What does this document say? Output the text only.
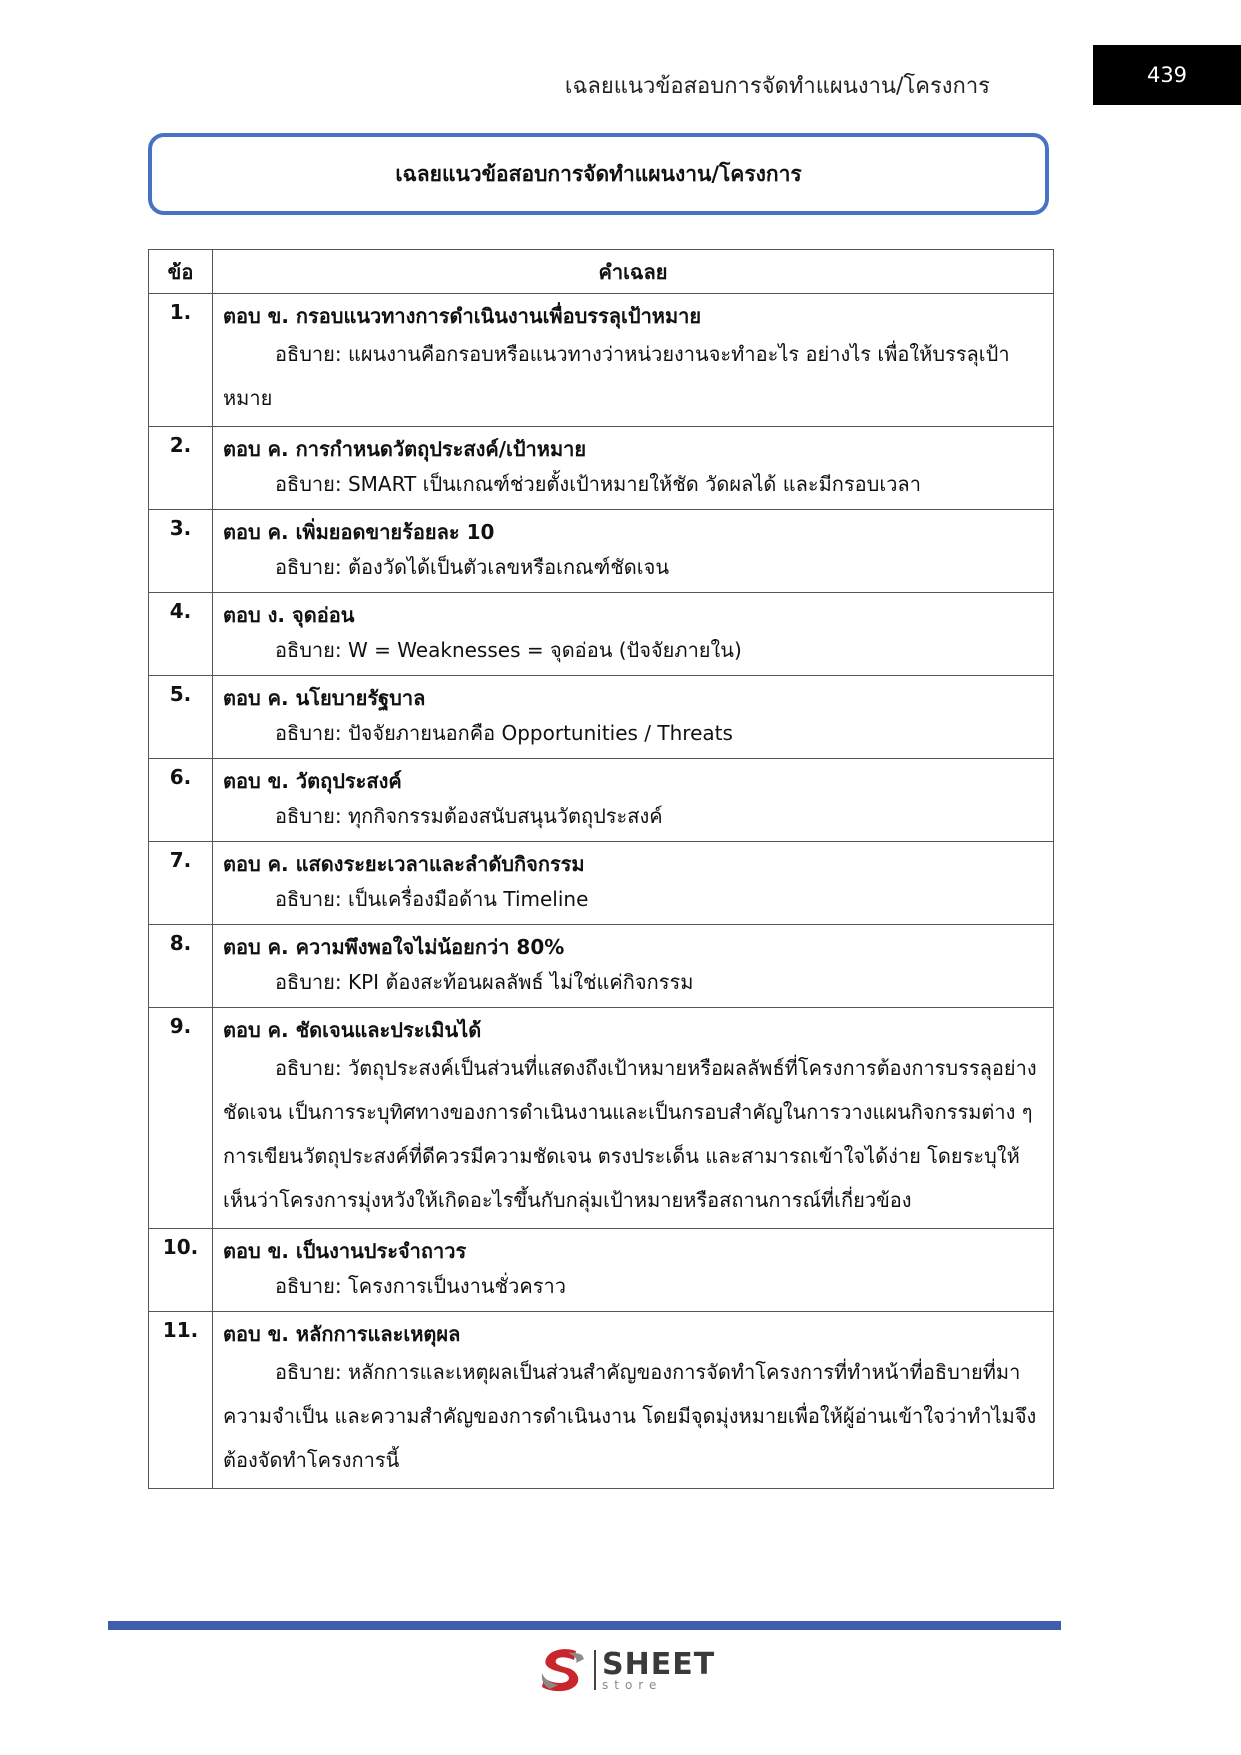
เฉลยแนวข้อสอบการจัดทำแผนงาน/โครงการ	439
เฉลยแนวข้อสอบการจัดทำแผนงาน/โครงการ
ข้อ	คำเฉลย
1.	ตอบ ข. กรอบแนวทางการดำเนินงานเพื่อบรรลุเป้าหมาย
อธิบาย: แผนงานคือกรอบหรือแนวทางว่าหน่วยงานจะทำอะไร อย่างไร เพื่อให้บรรลุเป้าหมาย

2.	ตอบ ค. การกำหนดวัตถุประสงค์/เป้าหมาย
อธิบาย: SMART เป็นเกณฑ์ช่วยตั้งเป้าหมายให้ชัด วัดผลได้ และมีกรอบเวลา

3.	ตอบ ค. เพิ่มยอดขายร้อยละ 10
อธิบาย: ต้องวัดได้เป็นตัวเลขหรือเกณฑ์ชัดเจน

4.	ตอบ ง. จุดอ่อน
อธิบาย: W = Weaknesses = จุดอ่อน (ปัจจัยภายใน)

5.	ตอบ ค. นโยบายรัฐบาล
อธิบาย: ปัจจัยภายนอกคือ Opportunities / Threats

6.	ตอบ ข. วัตถุประสงค์
อธิบาย: ทุกกิจกรรมต้องสนับสนุนวัตถุประสงค์

7.	ตอบ ค. แสดงระยะเวลาและลำดับกิจกรรม
อธิบาย: เป็นเครื่องมือด้าน Timeline

8.	ตอบ ค. ความพึงพอใจไม่น้อยกว่า 80%
อธิบาย: KPI ต้องสะท้อนผลลัพธ์ ไม่ใช่แค่กิจกรรม

9.	ตอบ ค. ชัดเจนและประเมินได้
อธิบาย: วัตถุประสงค์เป็นส่วนที่แสดงถึงเป้าหมายหรือผลลัพธ์ที่โครงการต้องการบรรลุอย่างชัดเจน เป็นการระบุทิศทางของการดำเนินงานและเป็นกรอบสำคัญในการวางแผนกิจกรรมต่าง ๆ การเขียนวัตถุประสงค์ที่ดีควรมีความชัดเจน ตรงประเด็น และสามารถเข้าใจได้ง่าย โดยระบุให้เห็นว่าโครงการมุ่งหวังให้เกิดอะไรขึ้นกับกลุ่มเป้าหมายหรือสถานการณ์ที่เกี่ยวข้อง

10.	ตอบ ข. เป็นงานประจำถาวร
อธิบาย: โครงการเป็นงานชั่วคราว

11.	ตอบ ข. หลักการและเหตุผล
อธิบาย: หลักการและเหตุผลเป็นส่วนสำคัญของการจัดทำโครงการที่ทำหน้าที่อธิบายที่มาความจำเป็น และความสำคัญของการดำเนินงาน โดยมีจุดมุ่งหมายเพื่อให้ผู้อ่านเข้าใจว่าทำไมจึงต้องจัดทำโครงการนี้
SHEET
store
